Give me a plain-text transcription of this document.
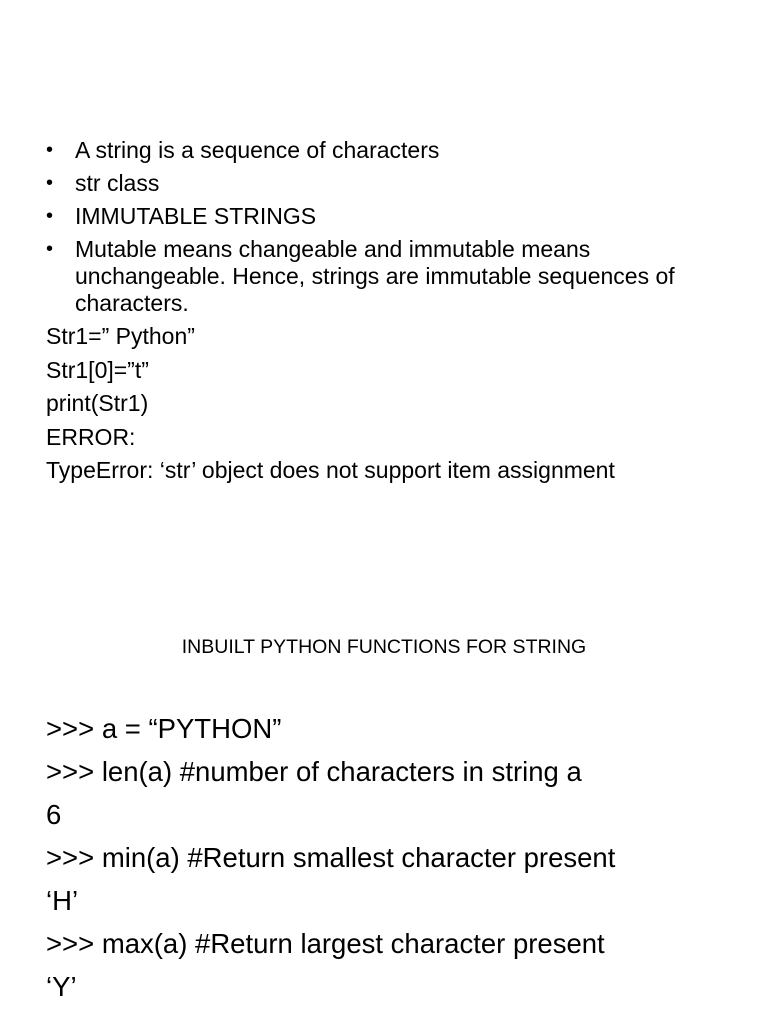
• A string is a sequence of characters
• str class
• IMMUTABLE STRINGS
• Mutable means changeable and immutable means unchangeable. Hence, strings are immutable sequences of characters.

Str1=” Python”

Str1[0]=”t”

print(Str1)

ERROR:

TypeError: ‘str’ object does not support item assignment

INBUILT PYTHON FUNCTIONS FOR STRING

>>> a = “PYTHON”

>>> len(a) #number of characters in string a

6

>>> min(a) #Return smallest character present

‘H’

>>> max(a) #Return largest character present

‘Y’
